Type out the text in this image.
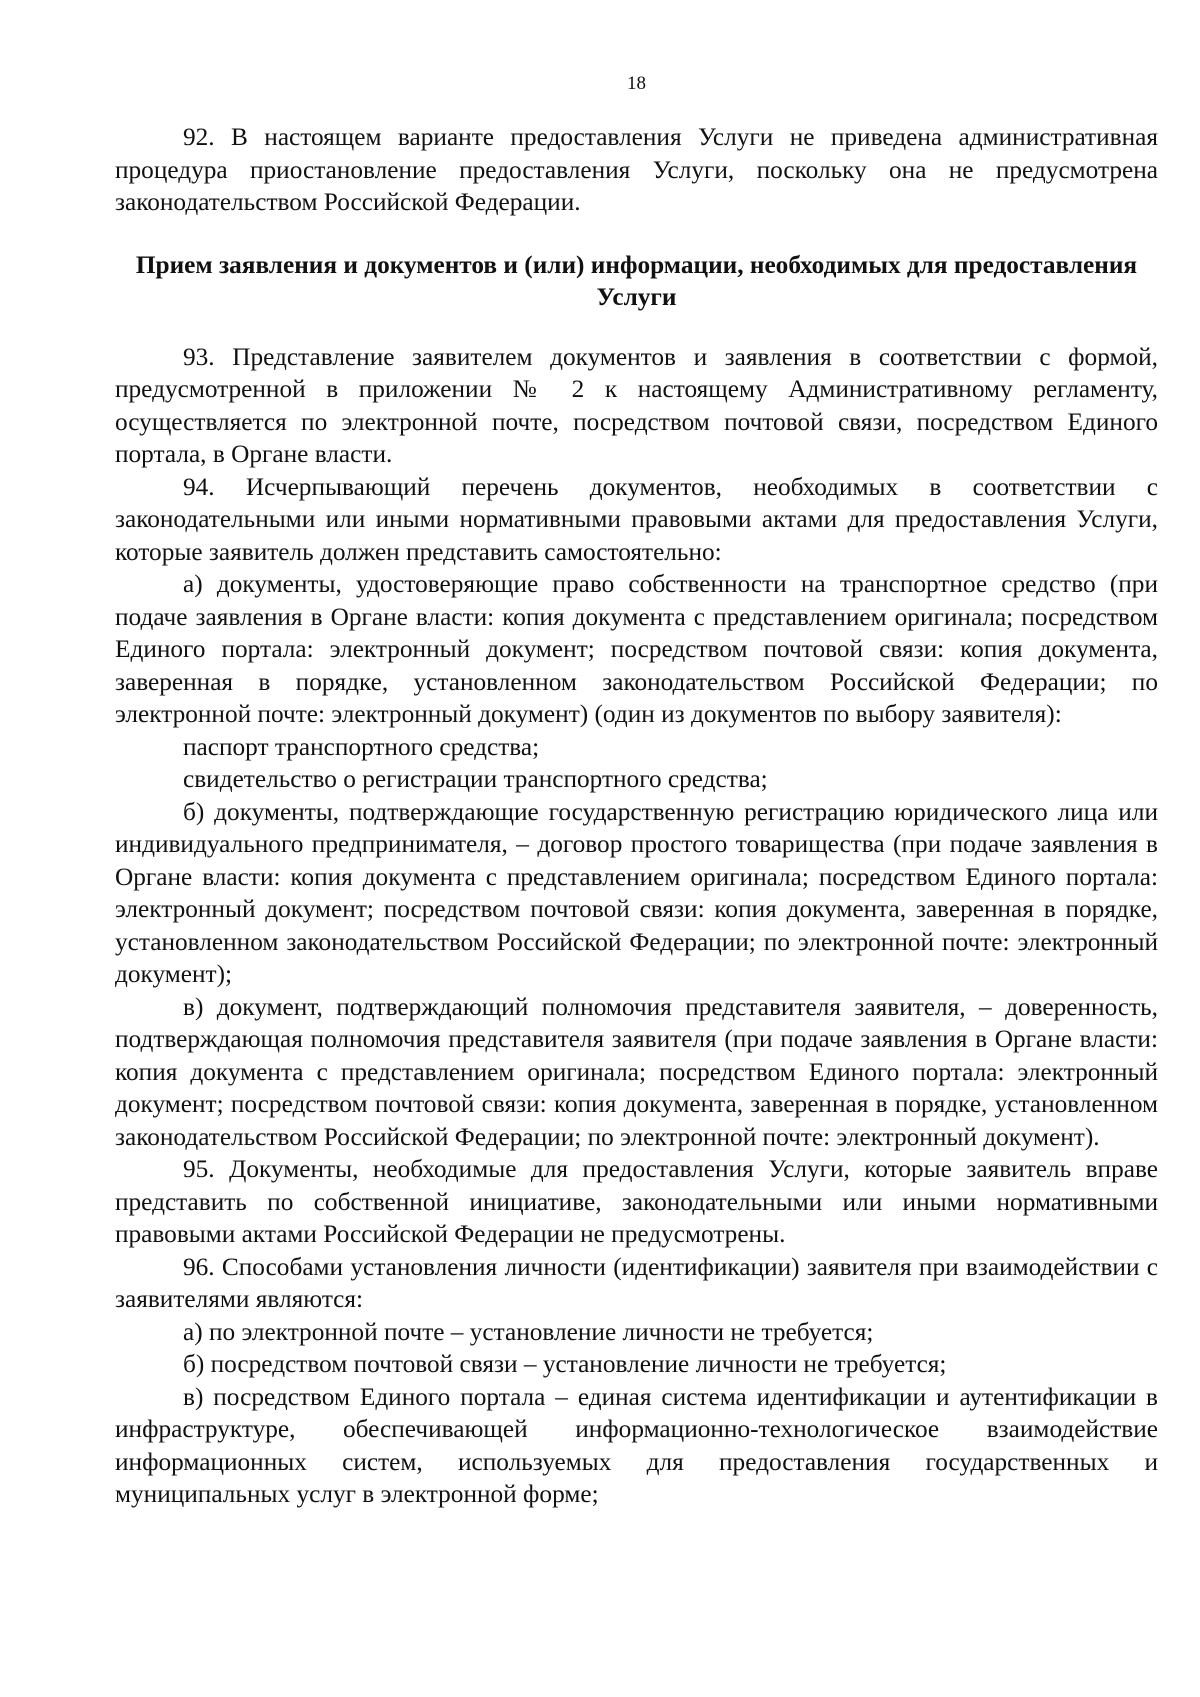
18

92. В настоящем варианте предоставления Услуги не приведена административная процедура приостановление предоставления Услуги, поскольку она не предусмотрена законодательством Российской Федерации.

Прием заявления и документов и (или) информации, необходимых для предоставления Услуги

93. Представление заявителем документов и заявления в соответствии с формой, предусмотренной в приложении № 2 к настоящему Административному регламенту, осуществляется по электронной почте, посредством почтовой связи, посредством Единого портала, в Органе власти.

94. Исчерпывающий перечень документов, необходимых в соответствии с законодательными или иными нормативными правовыми актами для предоставления Услуги, которые заявитель должен представить самостоятельно:

а) документы, удостоверяющие право собственности на транспортное средство (при подаче заявления в Органе власти: копия документа с представлением оригинала; посредством Единого портала: электронный документ; посредством почтовой связи: копия документа, заверенная в порядке, установленном законодательством Российской Федерации; по электронной почте: электронный документ) (один из документов по выбору заявителя):

паспорт транспортного средства;

свидетельство о регистрации транспортного средства;

б) документы, подтверждающие государственную регистрацию юридического лица или индивидуального предпринимателя, – договор простого товарищества (при подаче заявления в Органе власти: копия документа с представлением оригинала; посредством Единого портала: электронный документ; посредством почтовой связи: копия документа, заверенная в порядке, установленном законодательством Российской Федерации; по электронной почте: электронный документ);

в) документ, подтверждающий полномочия представителя заявителя, – доверенность, подтверждающая полномочия представителя заявителя (при подаче заявления в Органе власти: копия документа с представлением оригинала; посредством Единого портала: электронный документ; посредством почтовой связи: копия документа, заверенная в порядке, установленном законодательством Российской Федерации; по электронной почте: электронный документ).

95. Документы, необходимые для предоставления Услуги, которые заявитель вправе представить по собственной инициативе, законодательными или иными нормативными правовыми актами Российской Федерации не предусмотрены.

96. Способами установления личности (идентификации) заявителя при взаимодействии с заявителями являются:

а) по электронной почте – установление личности не требуется;

б) посредством почтовой связи – установление личности не требуется;

в) посредством Единого портала – единая система идентификации и аутентификации в инфраструктуре, обеспечивающей информационно-технологическое взаимодействие информационных систем, используемых для предоставления государственных и муниципальных услуг в электронной форме;
